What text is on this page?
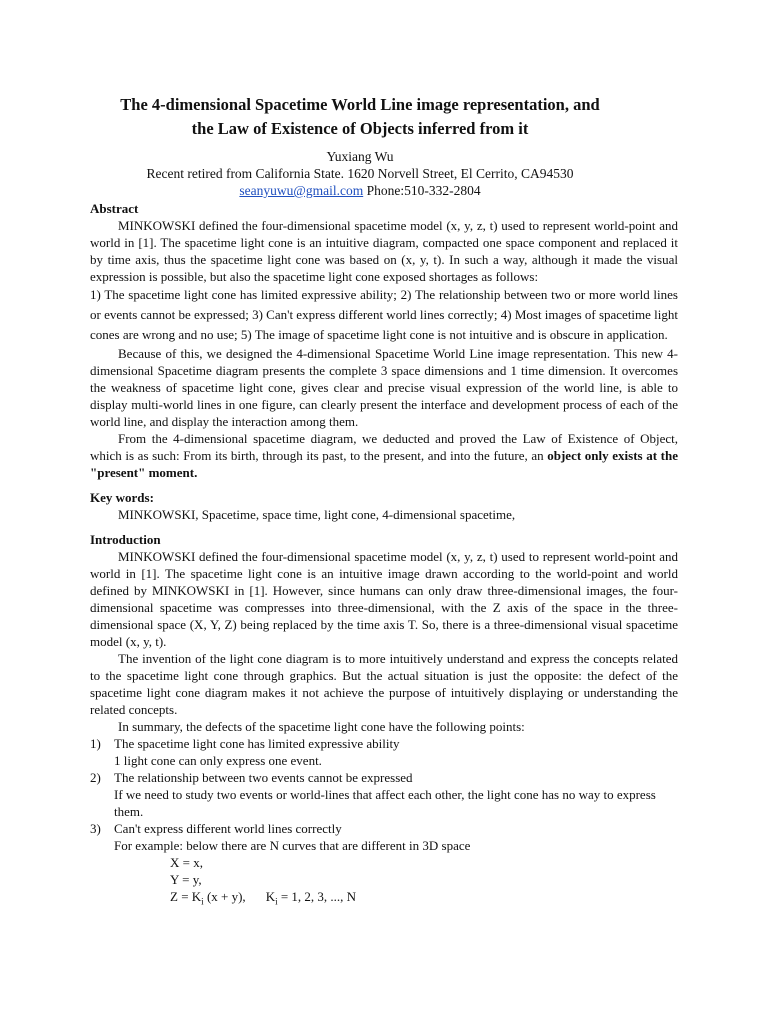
The 4-dimensional Spacetime World Line image representation, and
the Law of Existence of Objects inferred from it
Yuxiang Wu
Recent retired from California State. 1620 Norvell Street, El Cerrito, CA94530
seanyuwu@gmail.com Phone:510-332-2804

Abstract

MINKOWSKI defined the four-dimensional spacetime model (x, y, z, t) used to represent world-point and world in [1]. The spacetime light cone is an intuitive diagram, compacted one space component and replaced it by time axis, thus the spacetime light cone was based on (x, y, t). In such a way, although it made the visual expression is possible, but also the spacetime light cone exposed shortages as follows:

1) The spacetime light cone has limited expressive ability; 2) The relationship between two or more world lines or events cannot be expressed; 3) Can't express different world lines correctly; 4) Most images of spacetime light cones are wrong and no use; 5) The image of spacetime light cone is not intuitive and is obscure in application.

Because of this, we designed the 4-dimensional Spacetime World Line image representation. This new 4-dimensional Spacetime diagram presents the complete 3 space dimensions and 1 time dimension. It overcomes the weakness of spacetime light cone, gives clear and precise visual expression of the world line, is able to display multi-world lines in one figure, can clearly present the interface and development process of each of the world line, and display the interaction among them.

From the 4-dimensional spacetime diagram, we deducted and proved the Law of Existence of Object, which is as such: From its birth, through its past, to the present, and into the future, an object only exists at the "present" moment.

Key words:

MINKOWSKI, Spacetime, space time, light cone, 4-dimensional spacetime,

Introduction

MINKOWSKI defined the four-dimensional spacetime model (x, y, z, t) used to represent world-point and world in [1]. The spacetime light cone is an intuitive image drawn according to the world-point and world defined by MINKOWSKI in [1]. However, since humans can only draw three-dimensional images, the four-dimensional spacetime was compresses into three-dimensional, with the Z axis of the space in the three-dimensional space (X, Y, Z) being replaced by the time axis T. So, there is a three-dimensional visual spacetime model (x, y, t).

The invention of the light cone diagram is to more intuitively understand and express the concepts related to the spacetime light cone through graphics. But the actual situation is just the opposite: the defect of the spacetime light cone diagram makes it not achieve the purpose of intuitively displaying or understanding the related concepts.

In summary, the defects of the spacetime light cone have the following points:

1)	The spacetime light cone has limited expressive ability

1 light cone can only express one event.

2)	The relationship between two events cannot be expressed

If we need to study two events or world-lines that affect each other, the light cone has no way to express them.

3)	Can't express different world lines correctly

For example: below there are N curves that are different in 3D space

X = x,

Y = y,

$Z = K_i$ (x + y), $K_i = 1$, 2, 3, ..., N
